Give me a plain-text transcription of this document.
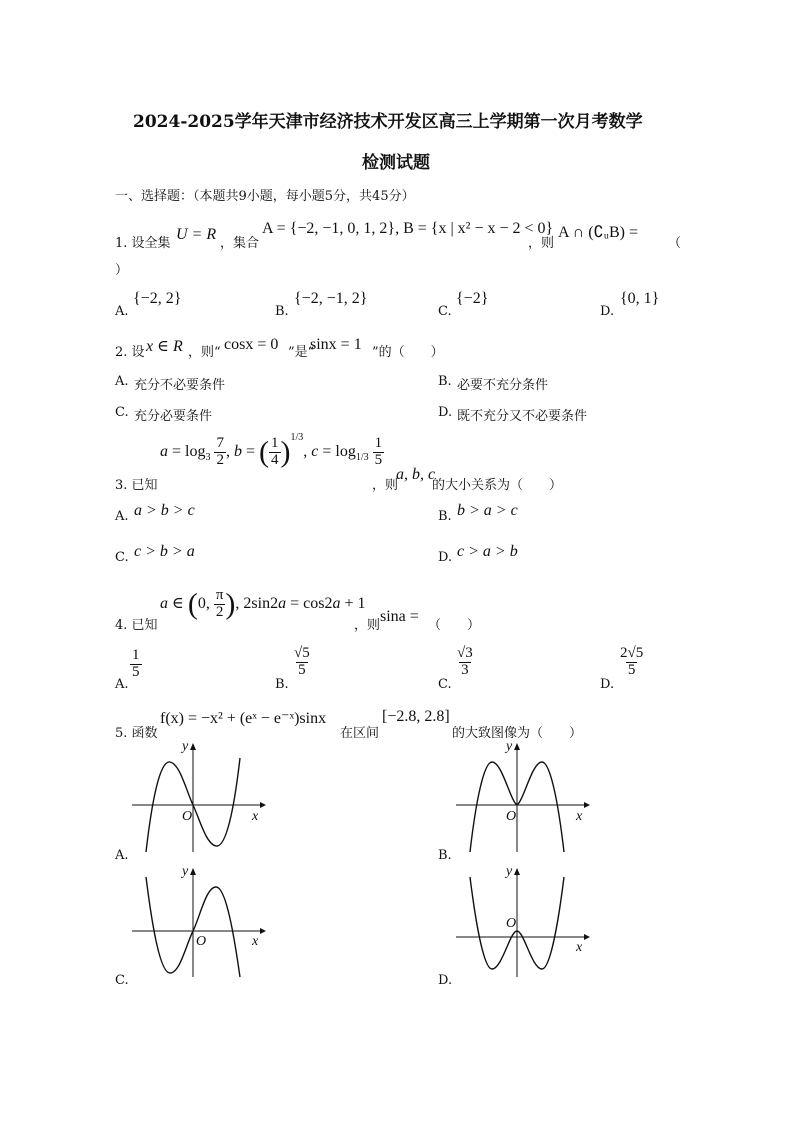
2024-2025学年天津市经济技术开发区高三上学期第一次月考数学
检测试题
一、选择题：（本题共9小题，每小题5分，共45分）
1. 设全集
U = R
，集合
A = {−2, −1, 0, 1, 2}, B = {x | x² − x − 2 < 0}
，则
A ∩ (∁ᵤB) =
（
）
A.
{−2, 2}
B.
{−2, −1, 2}
C.
{−2}
D.
{0, 1}
2. 设 x ∈ R ，则“ cosx = 0 ”是“
sinx = 1 ”的（　　）
A. 充分不必要条件	B. 必要不充分条件
C. 充分必要条件	D. 既不充分又不必要条件
$a = \log_3 \frac{7}{2}$ , b = ( $\frac{1}{4} )^{1/3}$, $c = \log_{1/3} \frac{1}{5}$
3. 已知	，则
a, b, c
的大小关系为（　　）
A. a > b > c	B. b > a > c
C. c > b > a	D. c > a > b
a ∈ (0, $\frac{\pi}{2}$ ), 2sin2a = cos2a + 1
4. 已知	，则
sina =
（　　）
A.
$\frac{1}{5}$
B.
$\frac{√5}{5}$
C.
$\frac{√3}{3}$
D.
$\frac{2√5}{5}$
5. 函数
f(x) = −x² + (eˣ − e⁻ˣ)sinx
在区间
[−2.8, 2.8]
的大致图像为（　　）
y
O	x
A.
y
O	x
B.
y
O	x
C.
y
O
x
D.
